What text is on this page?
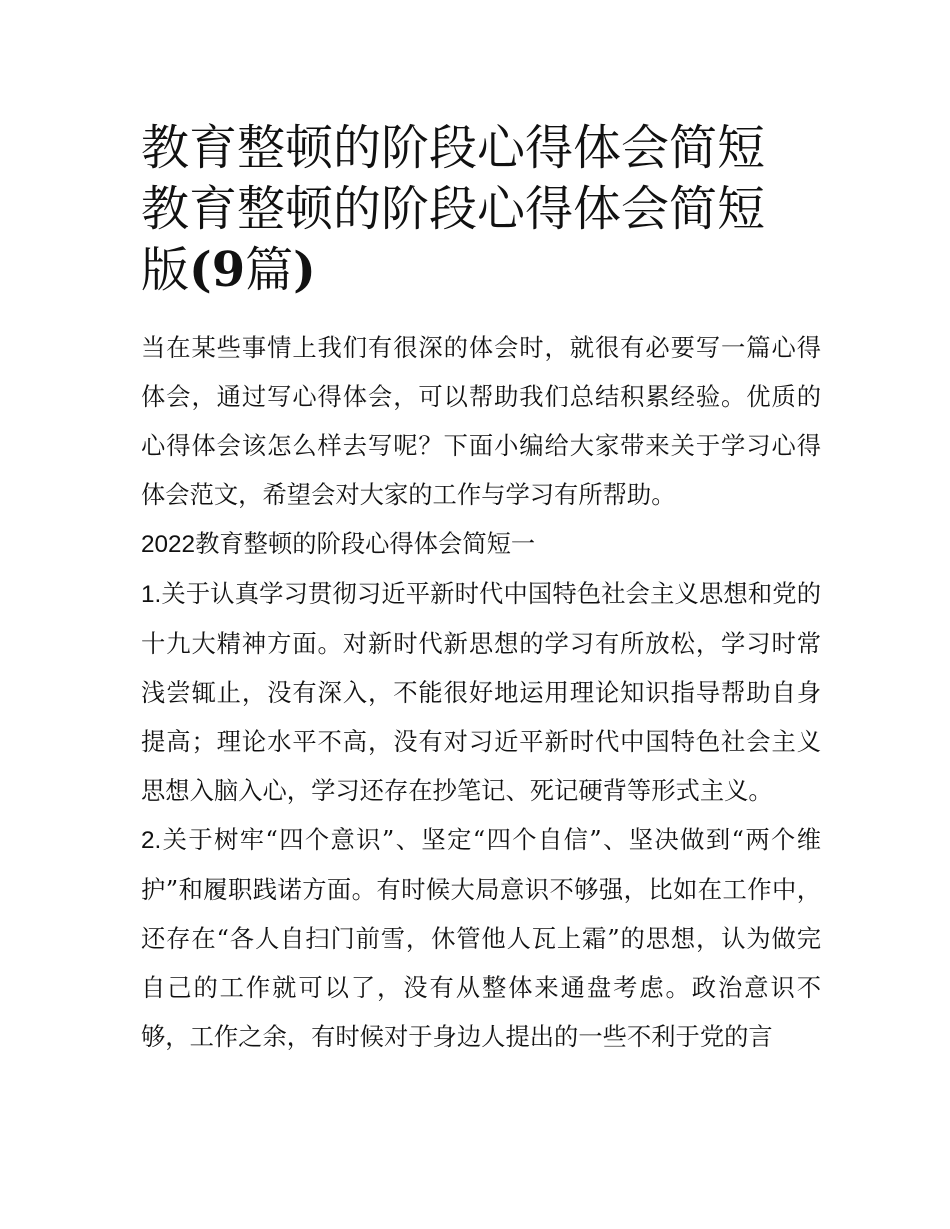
教育整顿的阶段心得体会简短
教育整顿的阶段心得体会简短
版(9篇)

当在某些事情上我们有很深的体会时，就很有必要写一篇心得体会，通过写心得体会，可以帮助我们总结积累经验。优质的心得体会该怎么样去写呢？下面小编给大家带来关于学习心得体会范文，希望会对大家的工作与学习有所帮助。

2022教育整顿的阶段心得体会简短一

1.关于认真学习贯彻习近平新时代中国特色社会主义思想和党的十九大精神方面。对新时代新思想的学习有所放松，学习时常浅尝辄止，没有深入，不能很好地运用理论知识指导帮助自身提高；理论水平不高，没有对习近平新时代中国特色社会主义思想入脑入心，学习还存在抄笔记、死记硬背等形式主义。

2.关于树牢“四个意识”、坚定“四个自信”、坚决做到“两个维护”和履职践诺方面。有时候大局意识不够强，比如在工作中，还存在“各人自扫门前雪，休管他人瓦上霜”的思想，认为做完自己的工作就可以了，没有从整体来通盘考虑。政治意识不够，工作之余，有时候对于身边人提出的一些不利于党的言
